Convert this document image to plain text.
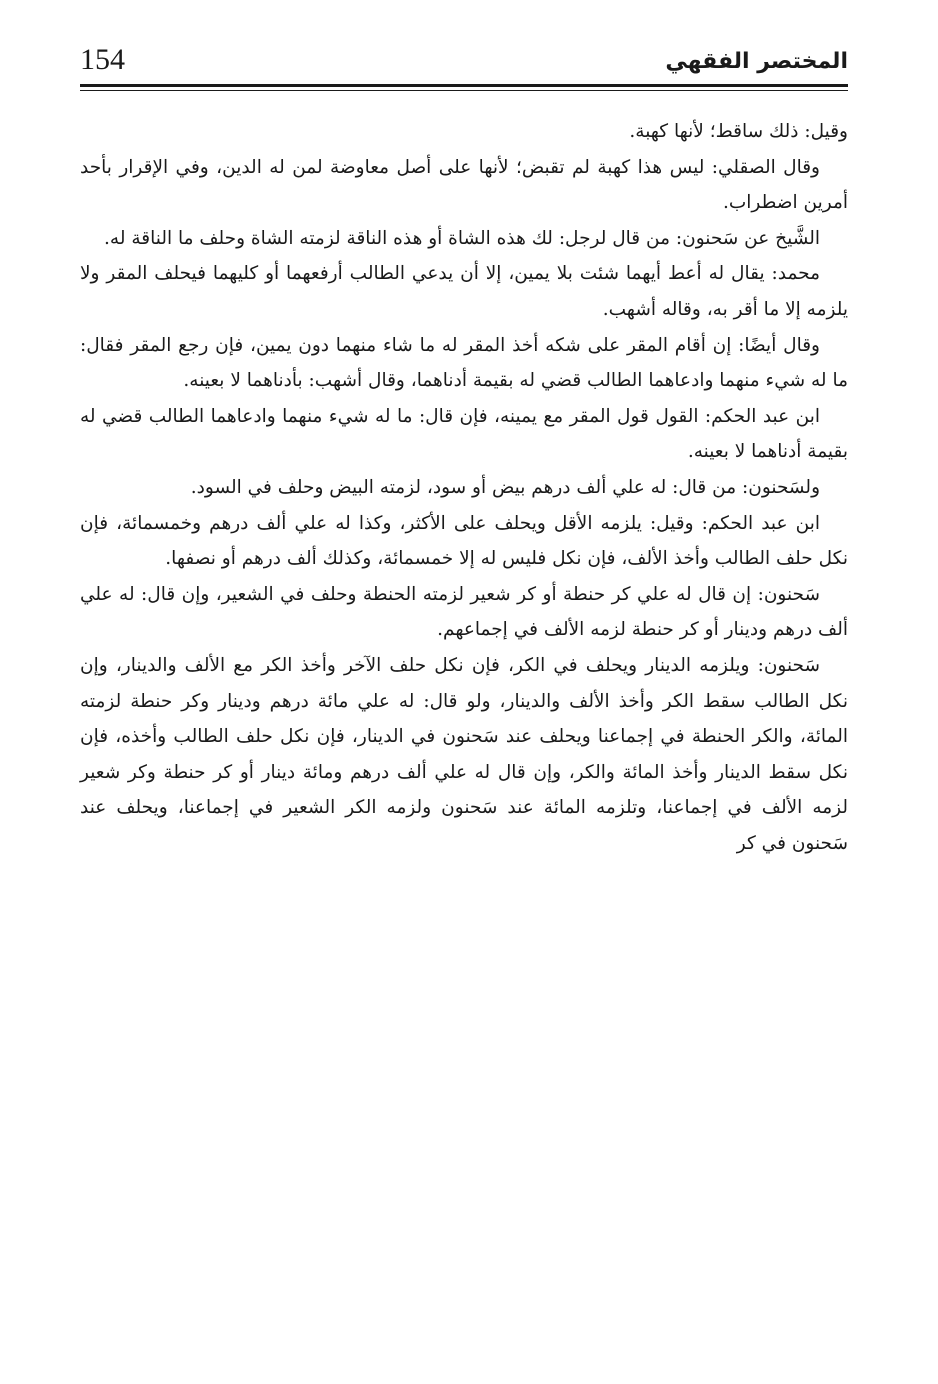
154	المختصر الفقهي

وقيل: ذلك ساقط؛ لأنها كهبة.

وقال الصقلي: ليس هذا كهبة لم تقبض؛ لأنها على أصل معاوضة لمن له الدين، وفي الإقرار بأحد أمرين اضطراب.

الشَّيخ عن سَحنون: من قال لرجل: لك هذه الشاة أو هذه الناقة لزمته الشاة وحلف ما الناقة له.

محمد: يقال له أعط أيهما شئت بلا يمين، إلا أن يدعي الطالب أرفعهما أو كليهما فيحلف المقر ولا يلزمه إلا ما أقر به، وقاله أشهب.

وقال أيضًا: إن أقام المقر على شكه أخذ المقر له ما شاء منهما دون يمين، فإن رجع المقر فقال: ما له شيء منهما وادعاهما الطالب قضي له بقيمة أدناهما، وقال أشهب: بأدناهما لا بعينه.

ابن عبد الحكم: القول قول المقر مع يمينه، فإن قال: ما له شيء منهما وادعاهما الطالب قضي له بقيمة أدناهما لا بعينه.

ولسَحنون: من قال: له علي ألف درهم بيض أو سود، لزمته البيض وحلف في السود.

ابن عبد الحكم: وقيل: يلزمه الأقل ويحلف على الأكثر، وكذا له علي ألف درهم وخمسمائة، فإن نكل حلف الطالب وأخذ الألف، فإن نكل فليس له إلا خمسمائة، وكذلك ألف درهم أو نصفها.

سَحنون: إن قال له علي كر حنطة أو كر شعير لزمته الحنطة وحلف في الشعير، وإن قال: له علي ألف درهم ودينار أو كر حنطة لزمه الألف في إجماعهم.

سَحنون: ويلزمه الدينار ويحلف في الكر، فإن نكل حلف الآخر وأخذ الكر مع الألف والدينار، وإن نكل الطالب سقط الكر وأخذ الألف والدينار، ولو قال: له علي مائة درهم ودينار وكر حنطة لزمته المائة، والكر الحنطة في إجماعنا ويحلف عند سَحنون في الدينار، فإن نكل حلف الطالب وأخذه، فإن نكل سقط الدينار وأخذ المائة والكر، وإن قال له علي ألف درهم ومائة دينار أو كر حنطة وكر شعير لزمه الألف في إجماعنا، وتلزمه المائة عند سَحنون ولزمه الكر الشعير في إجماعنا، ويحلف عند سَحنون في كر
